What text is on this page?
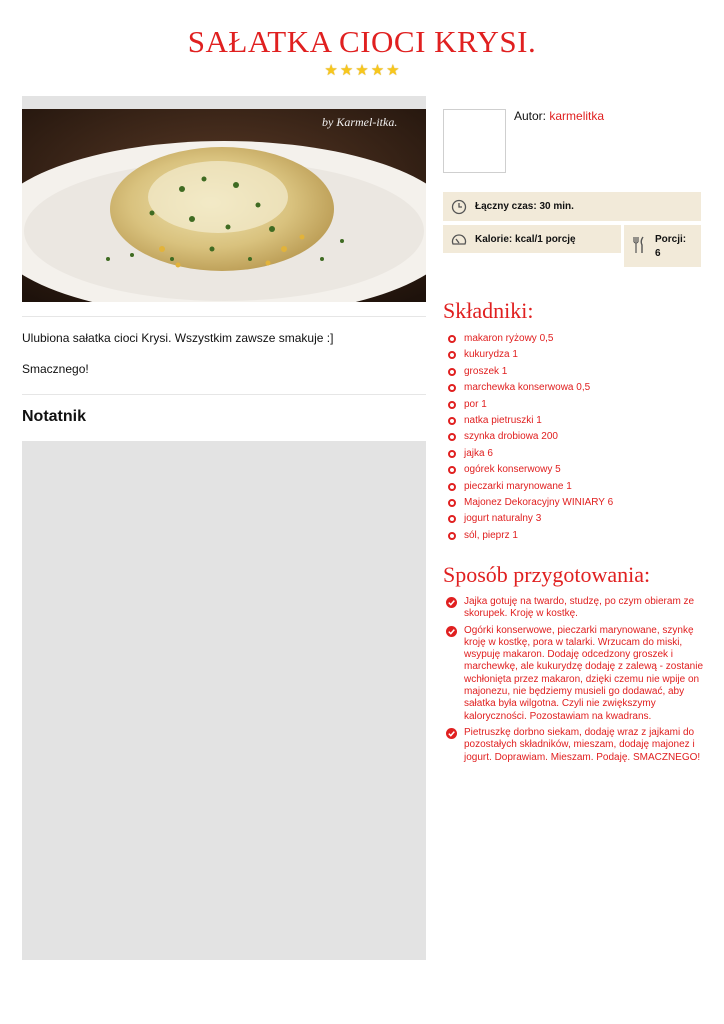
SAŁATKA CIOCI KRYSI.
★ ★ ★ ★ ★
by Karmel-itka.

Ulubiona sałatka cioci Krysi. Wszystkim zawsze smakuje :]

Smacznego!

Notatnik
Autor: karmelitka
Łączny czas: 30 min.
Kalorie: kcal/1 porcję	Porcji:
6
Składniki:
makaron ryżowy 0,5
kukurydza 1
groszek 1
marchewka konserwowa 0,5
por 1
natka pietruszki 1
szynka drobiowa 200
jajka 6
ogórek konserwowy 5
pieczarki marynowane 1
Majonez Dekoracyjny WINIARY 6
jogurt naturalny 3
sól, pieprz 1
Sposób przygotowania:
Jajka gotuję na twardo, studzę, po czym obieram ze skorupek. Kroję w kostkę.
Ogórki konserwowe, pieczarki marynowane, szynkę kroję w kostkę, pora w talarki. Wrzucam do miski, wsypuję makaron. Dodaję odcedzony groszek i marchewkę, ale kukurydzę dodaję z zalewą - zostanie wchłonięta przez makaron, dzięki czemu nie wpije on majonezu, nie będziemy musieli go dodawać, aby sałatka była wilgotna. Czyli nie zwiększymy kaloryczności. Pozostawiam na kwadrans.
Pietruszkę dorbno siekam, dodaję wraz z jajkami do pozostałych składników, mieszam, dodaję majonez i jogurt. Doprawiam. Mieszam. Podaję. SMACZNEGO!
